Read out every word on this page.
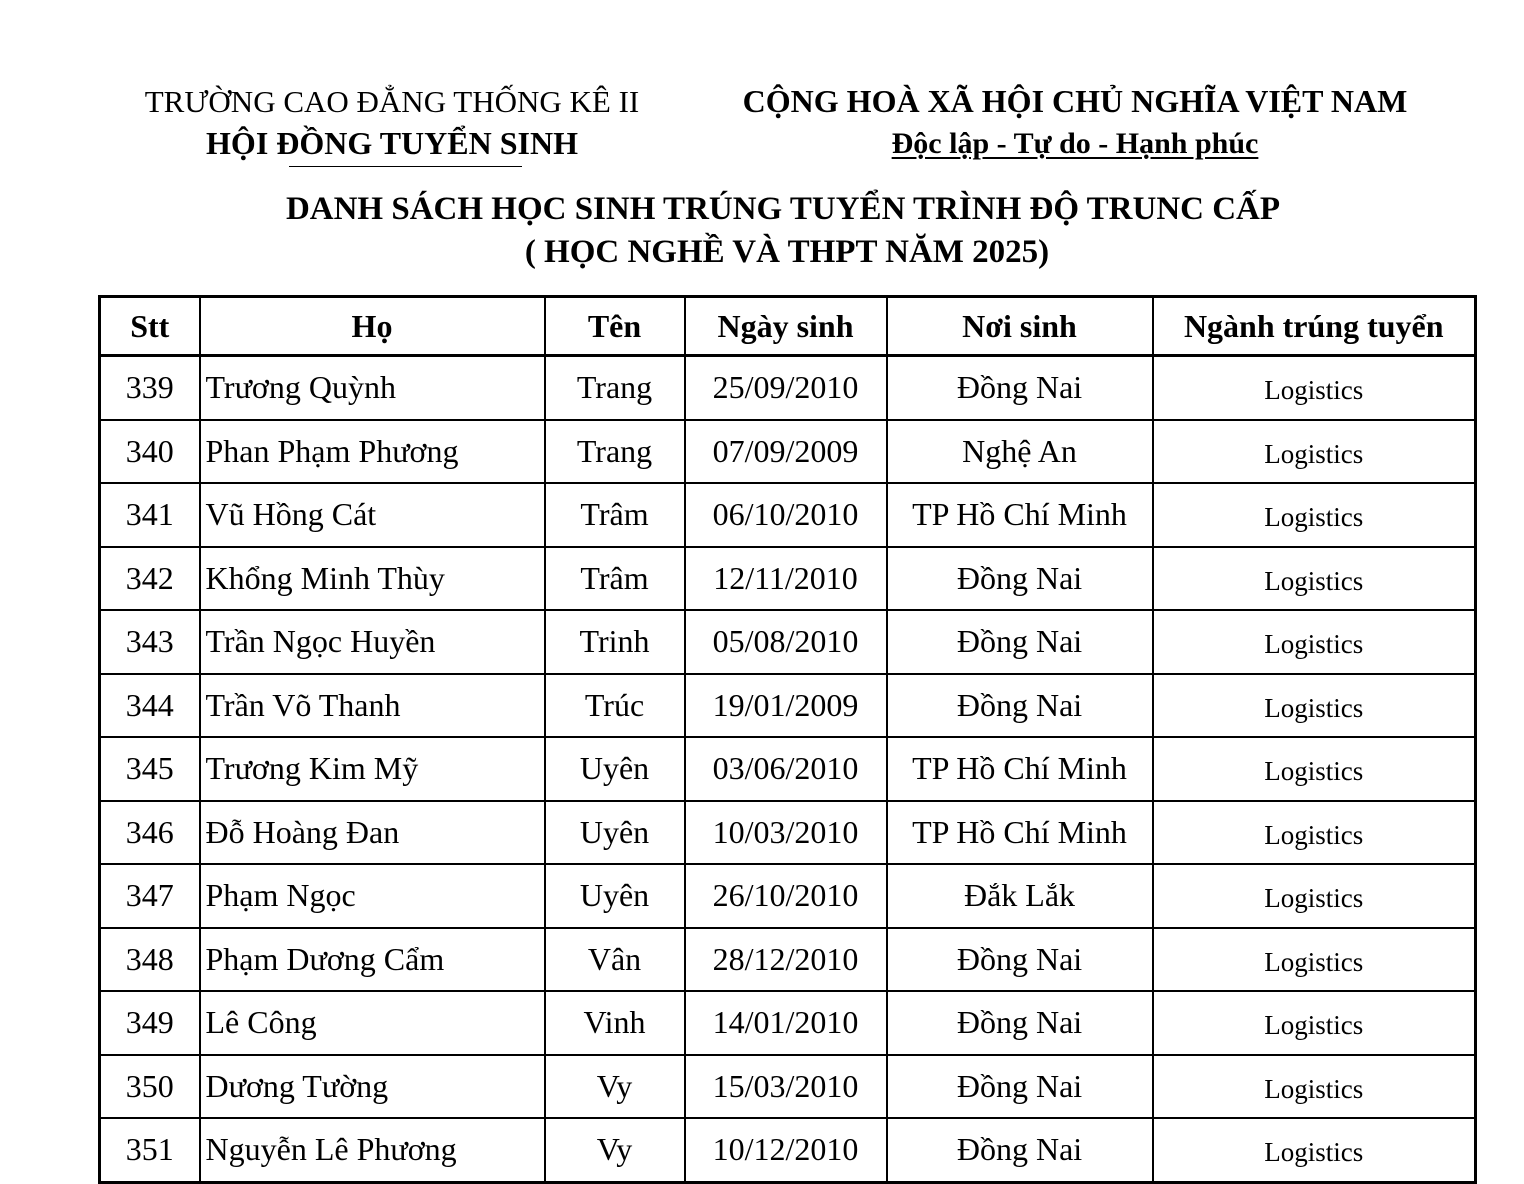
TRƯỜNG CAO ĐẲNG THỐNG KÊ II
HỘI ĐỒNG TUYỂN SINH
CỘNG HOÀ XÃ HỘI CHỦ NGHĨA VIỆT NAM
Độc lập - Tự do - Hạnh phúc
DANH SÁCH HỌC SINH TRÚNG TUYỂN TRÌNH ĐỘ TRUNC CẤP
( HỌC NGHỀ VÀ THPT NĂM 2025)
Stt	Họ	Tên	Ngày sinh	Nơi sinh	Ngành trúng tuyển
339	Trương Quỳnh	Trang	25/09/2010	Đồng Nai	Logistics
340	Phan Phạm Phương	Trang	07/09/2009	Nghệ An	Logistics
341	Vũ Hồng Cát	Trâm	06/10/2010	TP Hồ Chí Minh	Logistics
342	Khổng Minh Thùy	Trâm	12/11/2010	Đồng Nai	Logistics
343	Trần Ngọc Huyền	Trinh	05/08/2010	Đồng Nai	Logistics
344	Trần Võ Thanh	Trúc	19/01/2009	Đồng Nai	Logistics
345	Trương Kim Mỹ	Uyên	03/06/2010	TP Hồ Chí Minh	Logistics
346	Đỗ Hoàng Đan	Uyên	10/03/2010	TP Hồ Chí Minh	Logistics
347	Phạm Ngọc	Uyên	26/10/2010	Đắk Lắk	Logistics
348	Phạm Dương Cẩm	Vân	28/12/2010	Đồng Nai	Logistics
349	Lê Công	Vinh	14/01/2010	Đồng Nai	Logistics
350	Dương Tường	Vy	15/03/2010	Đồng Nai	Logistics
351	Nguyễn Lê Phương	Vy	10/12/2010	Đồng Nai	Logistics
